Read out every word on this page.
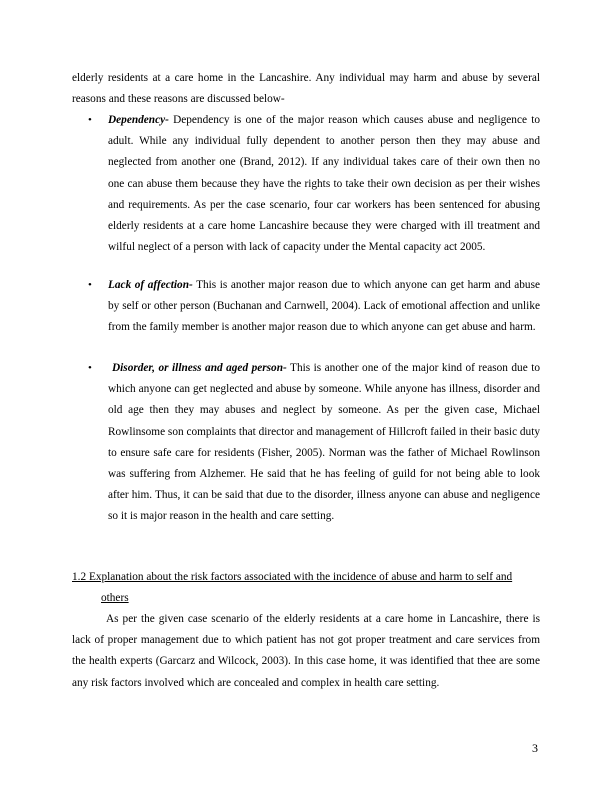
elderly residents at a care home in the Lancashire. Any individual may harm and abuse by several reasons and these reasons are discussed below-

• Dependency- Dependency is one of the major reason which causes abuse and negligence to adult. While any individual fully dependent to another person then they may abuse and neglected from another one (Brand, 2012). If any individual takes care of their own then no one can abuse them because they have the rights to take their own decision as per their wishes and requirements. As per the case scenario, four car workers has been sentenced for abusing elderly residents at a care home Lancashire because they were charged with ill treatment and wilful neglect of a person with lack of capacity under the Mental capacity act 2005.

• Lack of affection- This is another major reason due to which anyone can get harm and abuse by self or other person (Buchanan and Carnwell, 2004). Lack of emotional affection and unlike from the family member is another major reason due to which anyone can get abuse and harm.

•	Disorder, or illness and aged person- This is another one of the major kind of reason due to which anyone can get neglected and abuse by someone. While anyone has illness, disorder and old age then they may abuses and neglect by someone. As per the given case, Michael Rowlinsome son complaints that director and management of Hillcroft failed in their basic duty to ensure safe care for residents (Fisher, 2005). Norman was the father of Michael Rowlinson was suffering from Alzhemer. He said that he has feeling of guild for not being able to look after him. Thus, it can be said that due to the disorder, illness anyone can abuse and negligence so it is major reason in the health and care setting.

1.2 Explanation about the risk factors associated with the incidence of abuse and harm to self and
others

As per the given case scenario of the elderly residents at a care home in Lancashire, there is lack of proper management due to which patient has not got proper treatment and care services from the health experts (Garcarz and Wilcock, 2003). In this case home, it was identified that thee are some any risk factors involved which are concealed and complex in health care setting.

3
